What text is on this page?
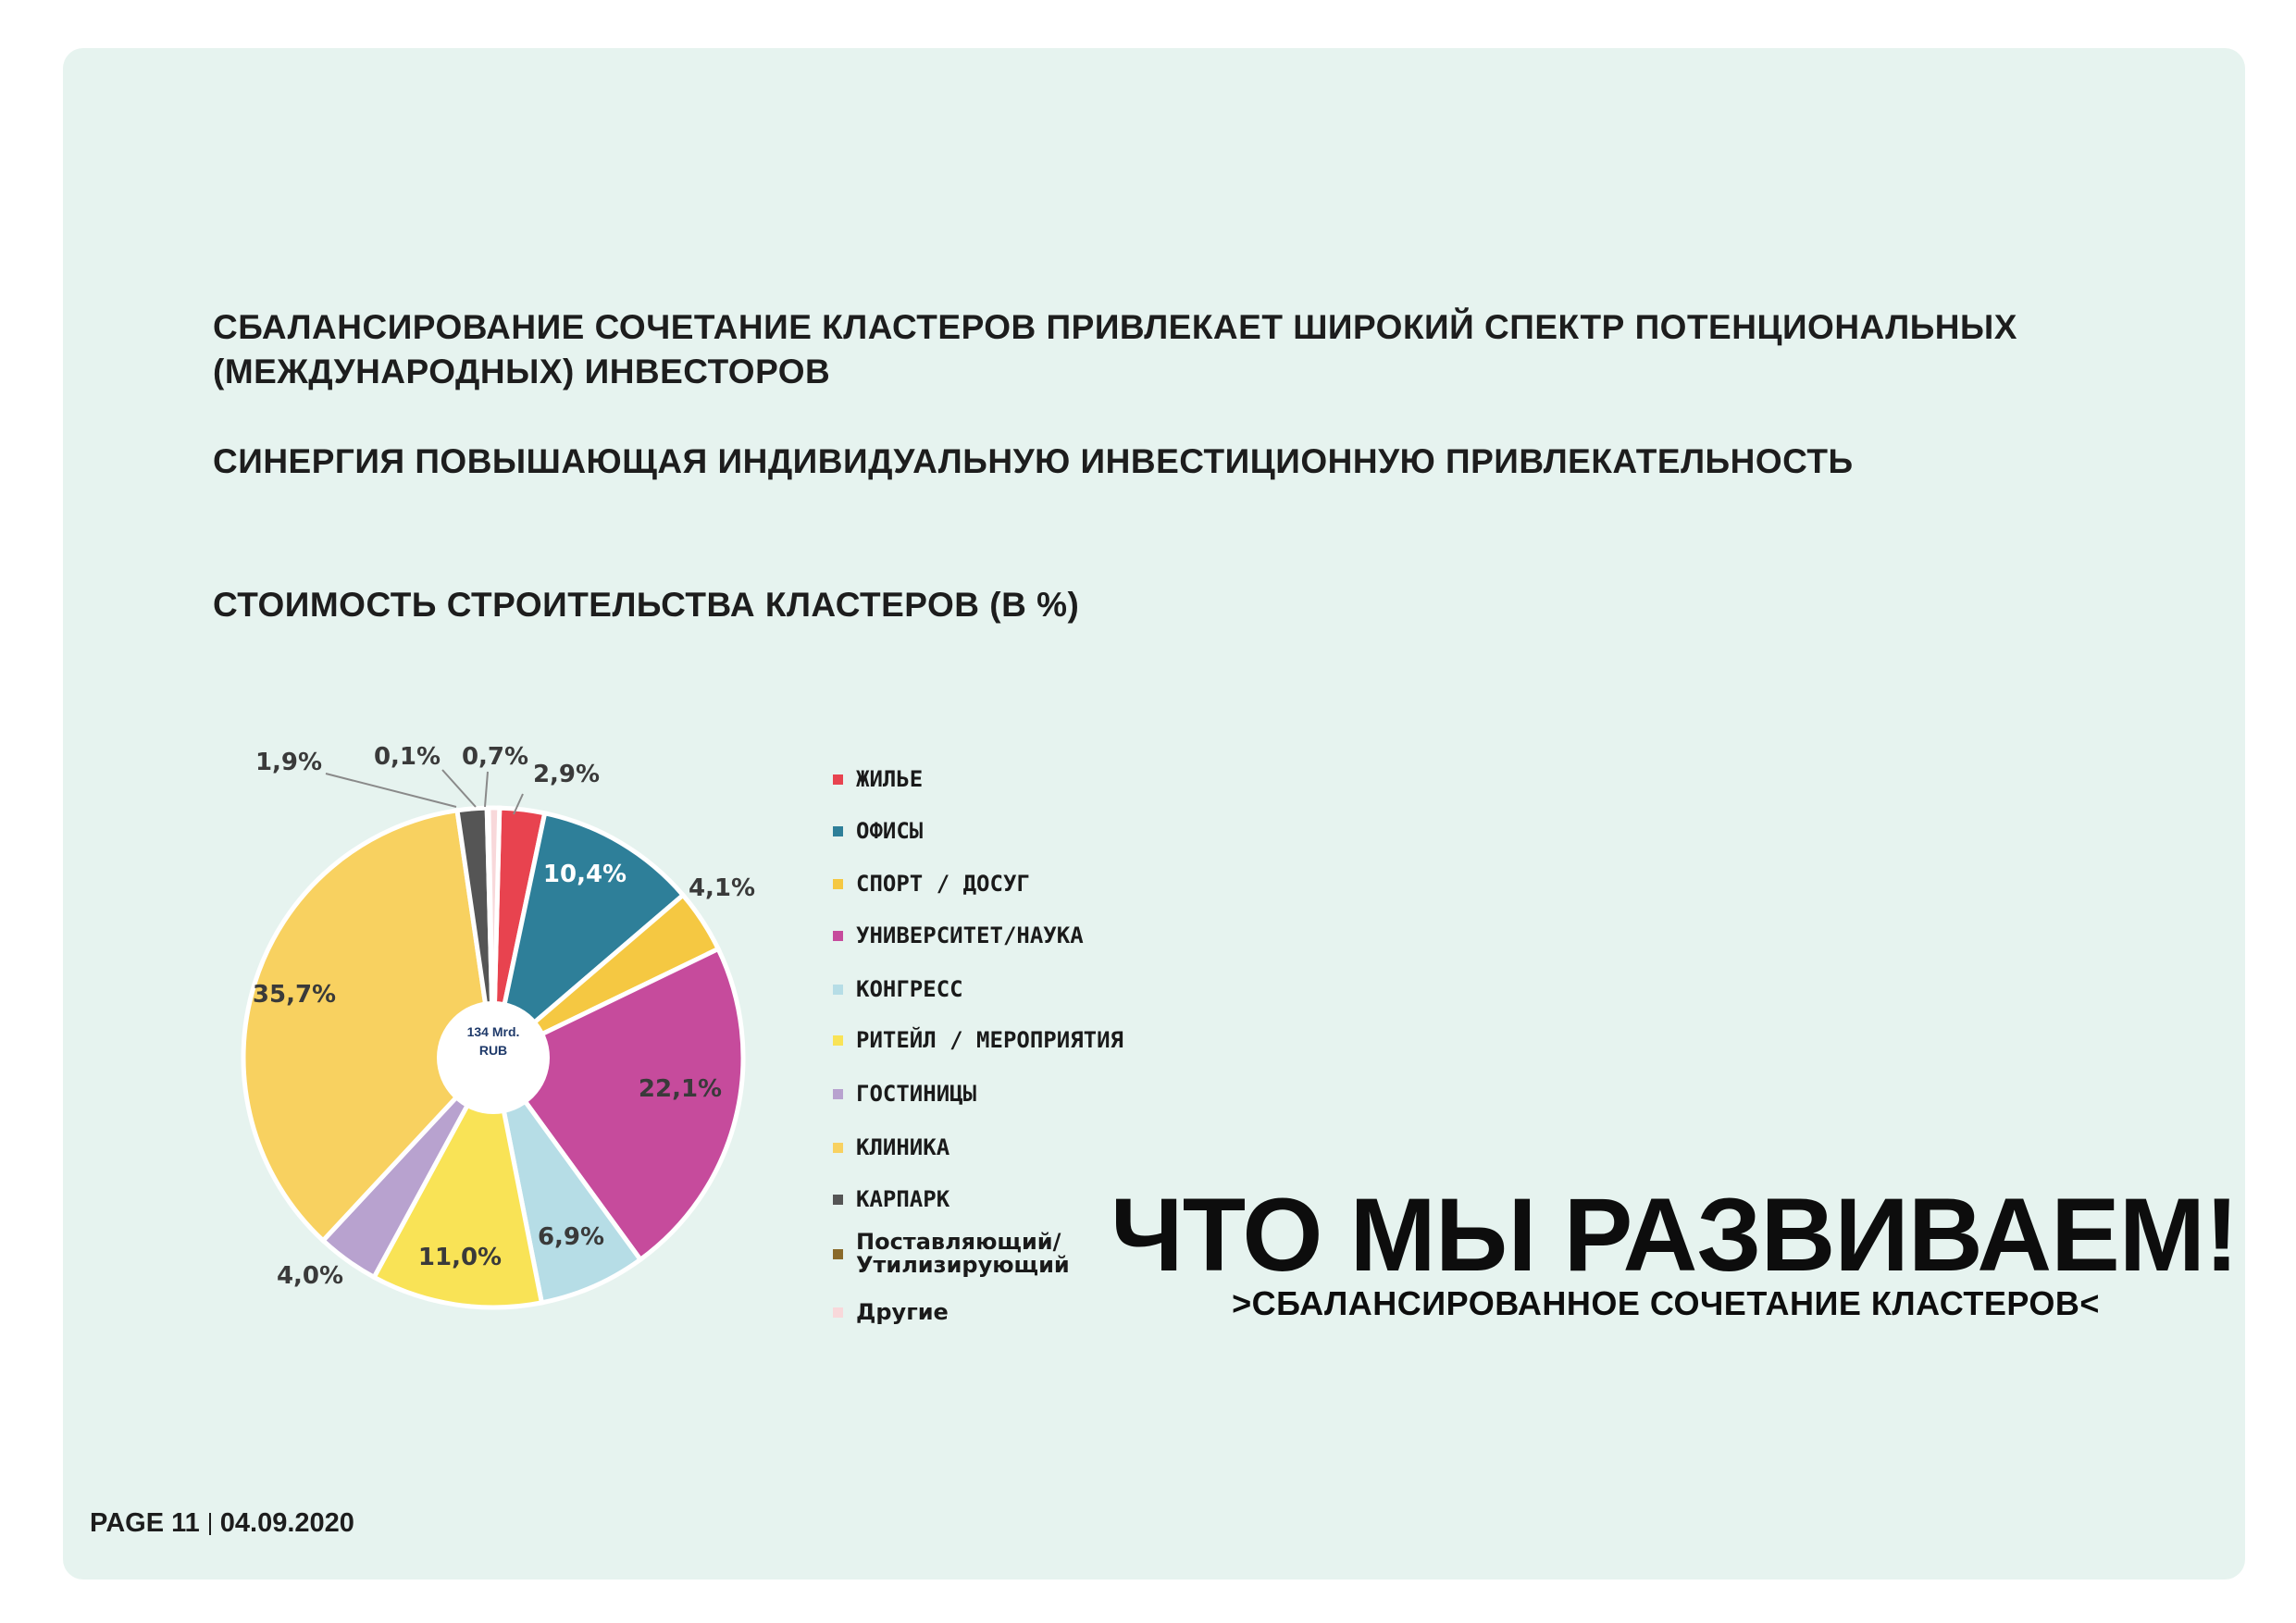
СБАЛАНСИРОВАНИЕ СОЧЕТАНИЕ КЛАСТЕРОВ ПРИВЛЕКАЕТ ШИРОКИЙ СПЕКТР ПОТЕНЦИОНАЛЬНЫХ (МЕЖДУНАРОДНЫХ) ИНВЕСТОРОВ

СИНЕРГИЯ ПОВЫШАЮЩАЯ ИНДИВИДУАЛЬНУЮ ИНВЕСТИЦИОННУЮ ПРИВЛЕКАТЕЛЬНОСТЬ

СТОИМОСТЬ СТРОИТЕЛЬСТВА КЛАСТЕРОВ (В %)

134 Mrd.
RUB
2,9%
10,4%	4,1%
22,1%
6,9%
11,0%
4,0%
35,7%
1,9% 0,1% 0,7%
ЖИЛЬЕ
ОФИСЫ
СПОРТ / ДОСУГ
УНИВЕРСИТЕТ/НАУКА
КОНГРЕСС
РИТЕЙЛ / МЕРОПРИЯТИЯ
ГОСТИНИЦЫ
КЛИНИКА
КАРПАРК
Поставляющий/
Утилизирующий
Другие
ЧТО МЫ РАЗВИВАЕМ!

>СБАЛАНСИРОВАННОЕ СОЧЕТАНИЕ КЛАСТЕРОВ<

PAGE 11 04.09.2020
